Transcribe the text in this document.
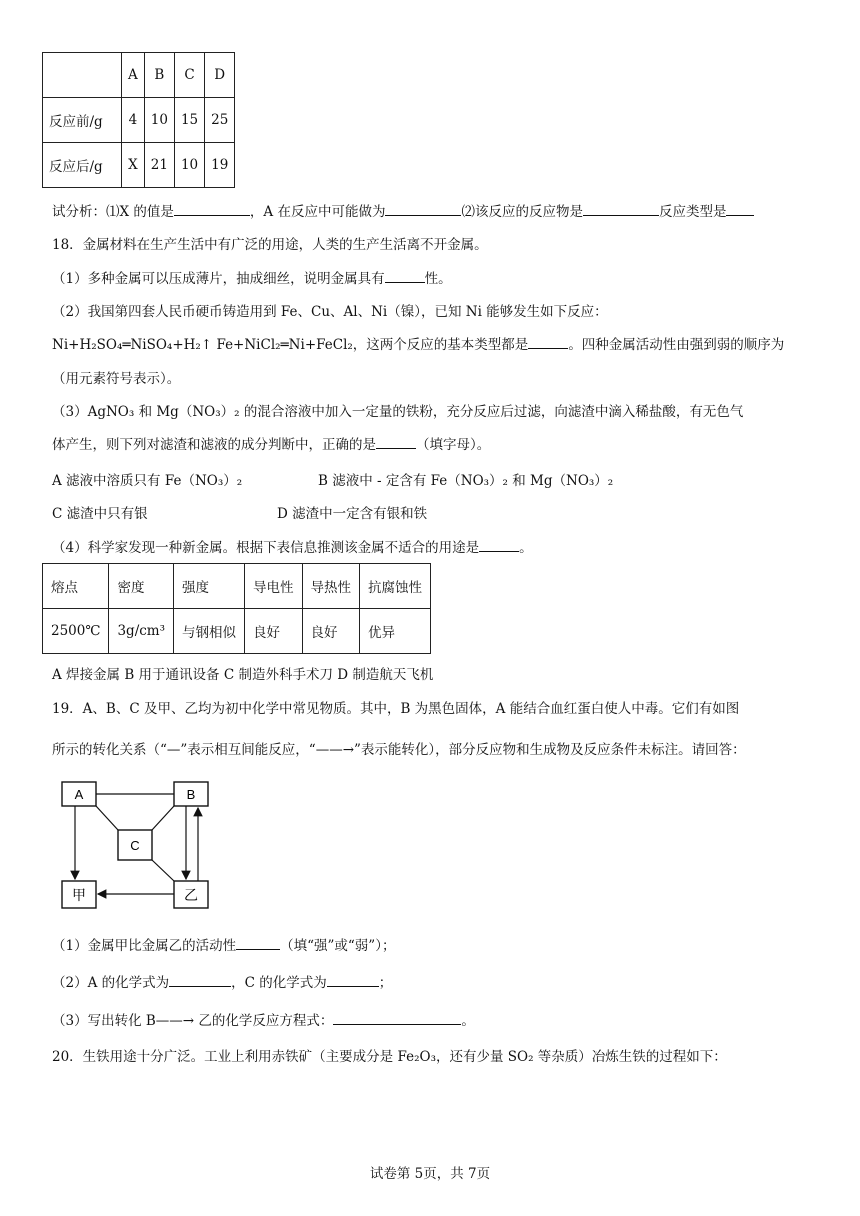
	A	B	C	D
反应前/g	4	10	15	25
反应后/g	X	21	10	19
试分析：⑴X 的值是	，A 在反应中可能做为	⑵该反应的反应物是	反应类型是
18．金属材料在生产生活中有广泛的用途，人类的生产生活离不开金属。
（1）多种金属可以压成薄片，抽成细丝，说明金属具有	性。
（2）我国第四套人民币硬币铸造用到 Fe、Cu、Al、Ni（镍），已知 Ni 能够发生如下反应：
Ni+H₂SO₄═NiSO₄+H₂↑ Fe+NiCl₂═Ni+FeCl₂，这两个反应的基本类型都是	。四种金属活动性由强到弱的顺序为
（用元素符号表示）。
（3）AgNO₃ 和 Mg（NO₃）₂ 的混合溶液中加入一定量的铁粉，充分反应后过滤，向滤渣中滴入稀盐酸，有无色气
体产生，则下列对滤渣和滤液的成分判断中，正确的是	（填字母）。
A 滤液中溶质只有 Fe（NO₃）₂	B 滤液中 - 定含有 Fe（NO₃）₂ 和 Mg（NO₃）₂
C 滤渣中只有银	D 滤渣中一定含有银和铁
（4）科学家发现一种新金属。根据下表信息推测该金属不适合的用途是	。
熔点	密度	强度	导电性	导热性	抗腐蚀性
2500℃	3g/cm³	与钢相似	良好	良好	优异
A 焊接金属 B 用于通讯设备 C 制造外科手术刀 D 制造航天飞机
19．A、B、C 及甲、乙均为初中化学中常见物质。其中，B 为黑色固体，A 能结合血红蛋白使人中毒。它们有如图
所示的转化关系（“—”表示相互间能反应，“——→”表示能转化），部分反应物和生成物及反应条件未标注。请回答：
A	B
C
甲	乙
（1）金属甲比金属乙的活动性	（填“强”或“弱”）；
（2）A 的化学式为	，C 的化学式为	；
（3）写出转化 B——→ 乙的化学反应方程式：	。
20．生铁用途十分广泛。工业上利用赤铁矿（主要成分是 Fe₂O₃，还有少量 SO₂ 等杂质）冶炼生铁的过程如下：
试卷第 5页，共 7页
